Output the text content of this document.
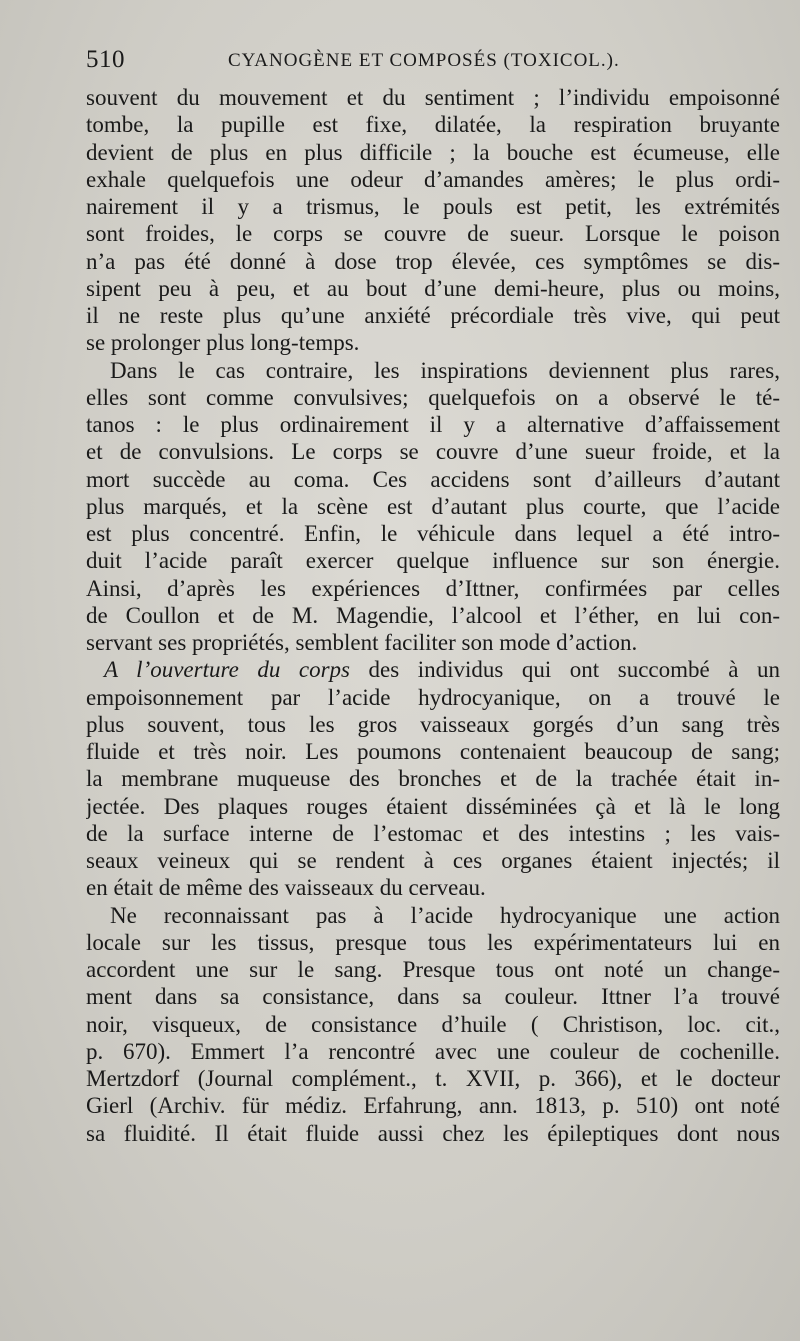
510	CYANOGÈNE ET COMPOSÉS (TOXICOL.).
souvent du mouvement et du sentiment ; l’individu empoisonné
tombe, la pupille est fixe, dilatée, la respiration bruyante
devient de plus en plus difficile ; la bouche est écumeuse, elle
exhale quelquefois une odeur d’amandes amères; le plus ordi-
nairement il y a trismus, le pouls est petit, les extrémités
sont froides, le corps se couvre de sueur. Lorsque le poison
n’a pas été donné à dose trop élevée, ces symptômes se dis-
sipent peu à peu, et au bout d’une demi-heure, plus ou moins,
il ne reste plus qu’une anxiété précordiale très vive, qui peut
se prolonger plus long-temps.
Dans le cas contraire, les inspirations deviennent plus rares,
elles sont comme convulsives; quelquefois on a observé le té-
tanos : le plus ordinairement il y a alternative d’affaissement
et de convulsions. Le corps se couvre d’une sueur froide, et la
mort succède au coma. Ces accidens sont d’ailleurs d’autant
plus marqués, et la scène est d’autant plus courte, que l’acide
est plus concentré. Enfin, le véhicule dans lequel a été intro-
duit l’acide paraît exercer quelque influence sur son énergie.
Ainsi, d’après les expériences d’Ittner, confirmées par celles
de Coullon et de M. Magendie, l’alcool et l’éther, en lui con-
servant ses propriétés, semblent faciliter son mode d’action.
A l’ouverture du corps des individus qui ont succombé à un
empoisonnement par l’acide hydrocyanique, on a trouvé le
plus souvent, tous les gros vaisseaux gorgés d’un sang très
fluide et très noir. Les poumons contenaient beaucoup de sang;
la membrane muqueuse des bronches et de la trachée était in-
jectée. Des plaques rouges étaient disséminées çà et là le long
de la surface interne de l’estomac et des intestins ; les vais-
seaux veineux qui se rendent à ces organes étaient injectés; il
en était de même des vaisseaux du cerveau.
Ne reconnaissant pas à l’acide hydrocyanique une action
locale sur les tissus, presque tous les expérimentateurs lui en
accordent une sur le sang. Presque tous ont noté un change-
ment dans sa consistance, dans sa couleur. Ittner l’a trouvé
noir, visqueux, de consistance d’huile ( Christison, loc. cit.,
p. 670). Emmert l’a rencontré avec une couleur de cochenille.
Mertzdorf (Journal complément., t. XVII, p. 366), et le docteur
Gierl (Archiv. für médiz. Erfahrung, ann. 1813, p. 510) ont noté
sa fluidité. Il était fluide aussi chez les épileptiques dont nous
